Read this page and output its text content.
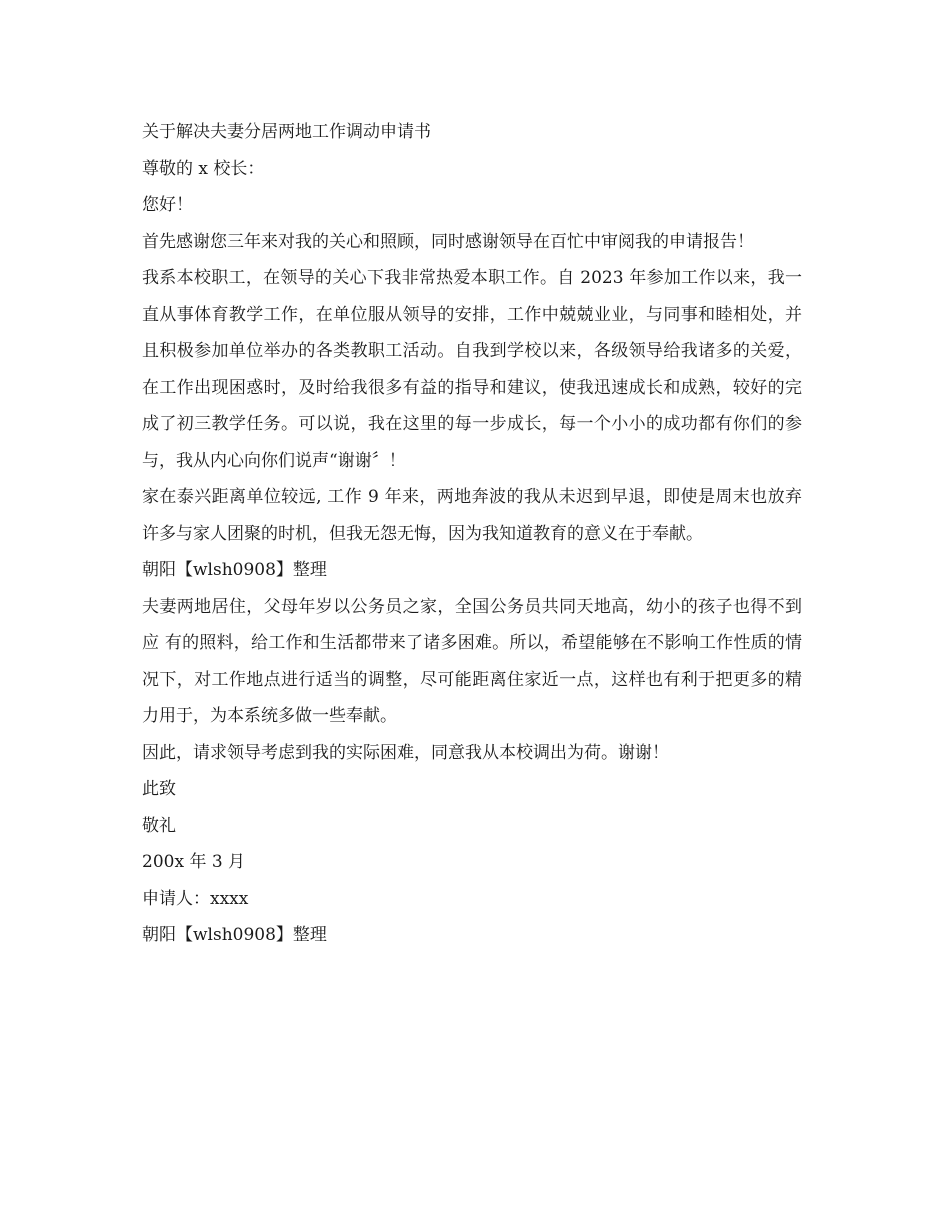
关于解决夫妻分居两地工作调动申请书

尊敬的 x 校长：

您好！

首先感谢您三年来对我的关心和照顾，同时感谢领导在百忙中审阅我的申请报告！

我系本校职工，在领导的关心下我非常热爱本职工作。自 2023 年参加工作以来，我一直从事体育教学工作，在单位服从领导的安排，工作中兢兢业业，与同事和睦相处，并且积极参加单位举办的各类教职工活动。自我到学校以来，各级领导给我诸多的关爱，在工作出现困惑时，及时给我很多有益的指导和建议，使我迅速成长和成熟，较好的完成了初三教学任务。可以说，我在这里的每一步成长，每一个小小的成功都有你们的参与，我从内心向你们说声“谢谢〞！

家在泰兴距离单位较远, 工作 9 年来，两地奔波的我从未迟到早退，即使是周末也放弃许多与家人团聚的时机，但我无怨无悔，因为我知道教育的意义在于奉献。

朝阳【wlsh0908】整理

夫妻两地居住，父母年岁以公务员之家，全国公务员共同天地高，幼小的孩子也得不到应 有的照料，给工作和生活都带来了诸多困难。所以，希望能够在不影响工作性质的情况下，对工作地点进行适当的调整，尽可能距离住家近一点，这样也有利于把更多的精力用于，为本系统多做一些奉献。

因此，请求领导考虑到我的实际困难，同意我从本校调出为荷。谢谢！

此致

敬礼

200x 年 3 月

申请人：xxxx

朝阳【wlsh0908】整理
